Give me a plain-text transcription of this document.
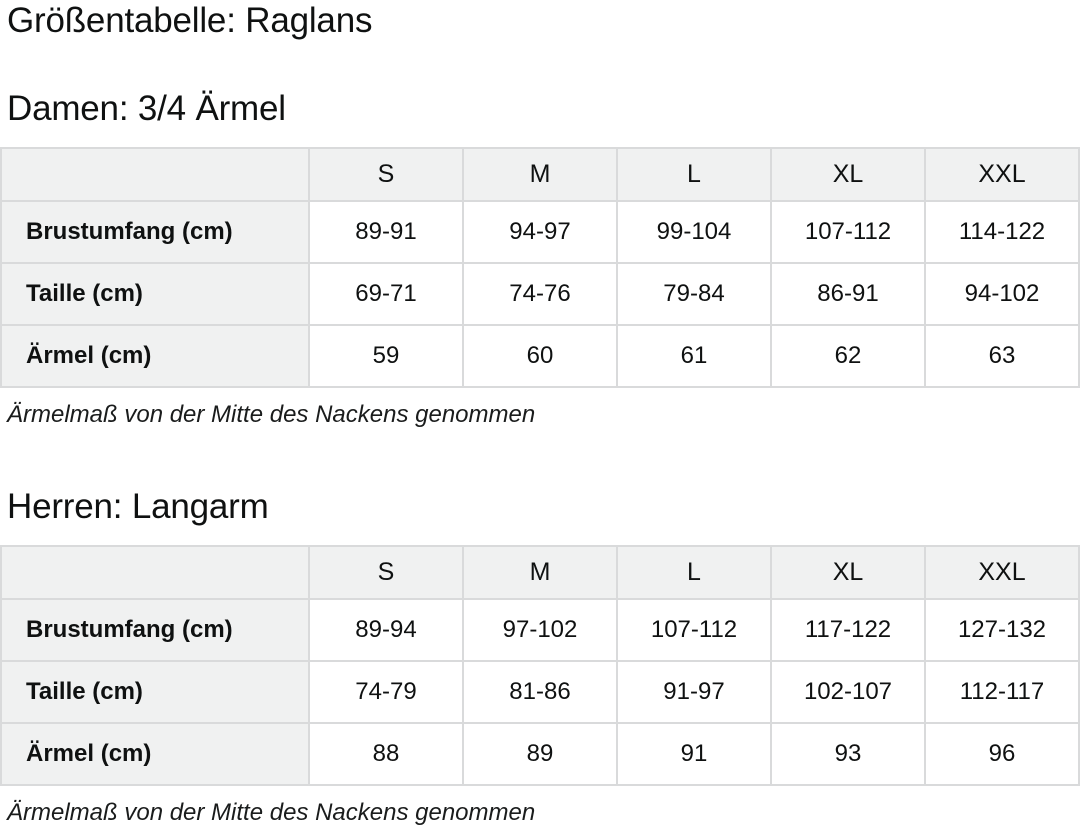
Größentabelle: Raglans
Damen: 3/4 Ärmel
	S	M	L	XL	XXL
Brustumfang (cm)	89-91	94-97	99-104	107-112	114-122
Taille (cm)	69-71	74-76	79-84	86-91	94-102
Ärmel (cm)	59	60	61	62	63
Ärmelmaß von der Mitte des Nackens genommen
Herren: Langarm
	S	M	L	XL	XXL
Brustumfang (cm)	89-94	97-102	107-112	117-122	127-132
Taille (cm)	74-79	81-86	91-97	102-107	112-117
Ärmel (cm)	88	89	91	93	96
Ärmelmaß von der Mitte des Nackens genommen
